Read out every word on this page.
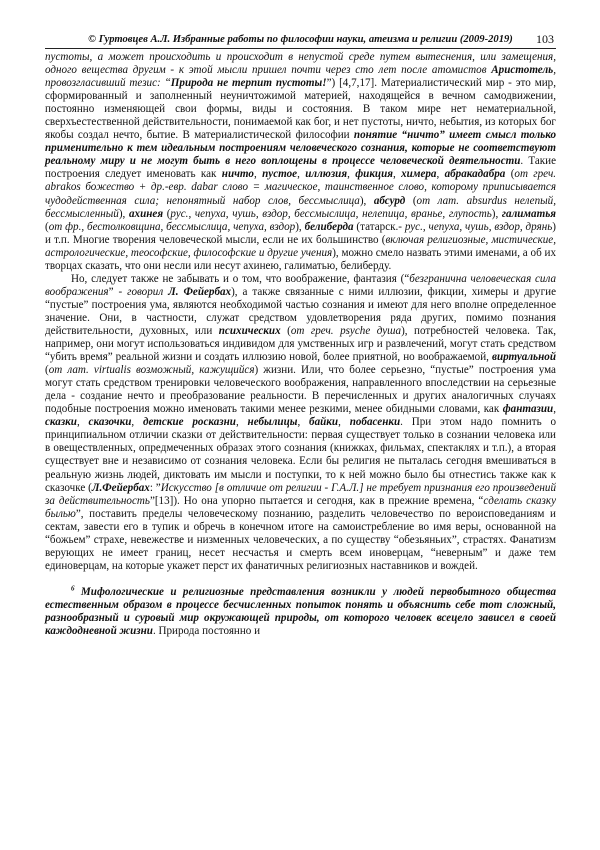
© Гуртовцев А.Л. Избранные работы по философии науки, атеизма и религии (2009-2019) 103

пустоты, а может происходить и происходит в непустой среде путем вытеснения, или замещения, одного вещества другим - к этой мысли пришел почти через сто лет после атомистов Аристотель, провозгласивший тезис: “Природа не терпит пустоты!”) [4,7,17]. Материалистический мир - это мир, сформированный и заполненный неуничтожимой материей, находящейся в вечном самодвижении, постоянно изменяющей свои формы, виды и состояния. В таком мире нет нематериальной, сверхъестественной действительности, понимаемой как бог, и нет пустоты, ничто, небытия, из которых бог якобы создал нечто, бытие. В материалистической философии понятие “ничто” имеет смысл только применительно к тем идеальным построениям человеческого сознания, которые не соответствуют реальному миру и не могут быть в него воплощены в процессе человеческой деятельности. Такие построения следует именовать как ничто, пустое, иллюзия, фикция, химера, абракадабра (от греч. abrakos божество + др.-евр. dabar слово = магическое, таинственное слово, которому приписывается чудодейственная сила; непонятный набор слов, бессмыслица), абсурд (от лат. absurdus нелепый, бессмысленный), ахинея (рус., чепуха, чушь, вздор, бессмыслица, нелепица, вранье, глупость), галиматья (от фр., бестолковщина, бессмыслица, чепуха, вздор), белиберда (татарск.- рус., чепуха, чушь, вздор, дрянь) и т.п. Многие творения человеческой мысли, если не их большинство (включая религиозные, мистические, астрологические, теософские, философские и другие учения), можно смело назвать этими именами, а об их творцах сказать, что они несли или несут ахинею, галиматью, белиберду.

Но, следует также не забывать и о том, что воображение, фантазия (“безгранична человеческая сила воображения” - говорил Л. Фейербах), а также связанные с ними иллюзии, фикции, химеры и другие “пустые” построения ума, являются необходимой частью сознания и имеют для него вполне определенное значение. Они, в частности, служат средством удовлетворения ряда других, помимо познания действительности, духовных, или психических (от греч. psyche душа), потребностей человека. Так, например, они могут использоваться индивидом для умственных игр и развлечений, могут стать средством “убить время” реальной жизни и создать иллюзию новой, более приятной, но воображаемой, виртуальной (от лат. virtualis возможный, кажущийся) жизни. Или, что более серьезно, “пустые” построения ума могут стать средством тренировки человеческого воображения, направленного впоследствии на серьезные дела - создание нечто и преобразование реальности. В перечисленных и других аналогичных случаях подобные построения можно именовать такими менее резкими, менее обидными словами, как фантазии, сказки, сказочки, детские росказни, небылицы, байки, побасенки. При этом надо помнить о принципиальном отличии сказки от действительности: первая существует только в сознании человека или в овеществленных, опредмеченных образах этого сознания (книжках, фильмах, спектаклях и т.п.), а вторая существует вне и независимо от сознания человека. Если бы религия не пыталась сегодня вмешиваться в реальную жизнь людей, диктовать им мысли и поступки, то к ней можно было бы отнестись также как к сказочке (Л.Фейербах: ”Искусство [в отличие от религии - Г.А.Л.] не требует признания его произведений за действительность”[13]). Но она упорно пытается и сегодня, как в прежние времена, “сделать сказку былью”, поставить пределы человеческому познанию, разделить человечество по вероисповеданиям и сектам, завести его в тупик и обречь в конечном итоге на самоистребление во имя веры, основанной на “божьем” страхе, невежестве и низменных человеческих, а по существу “обезьяньих”, страстях. Фанатизм верующих не имеет границ, несет несчастья и смерть всем иноверцам, “неверным” и даже тем единоверцам, на которые укажет перст их фанатичных религиозных наставников и вождей.

$^6$ Мифологические и религиозные представления возникли у людей первобытного общества естественным образом в процессе бесчисленных попыток понять и объяснить себе тот сложный, разнообразный и суровый мир окружающей природы, от которого человек всецело зависел в своей каждодневной жизни. Природа постоянно и
